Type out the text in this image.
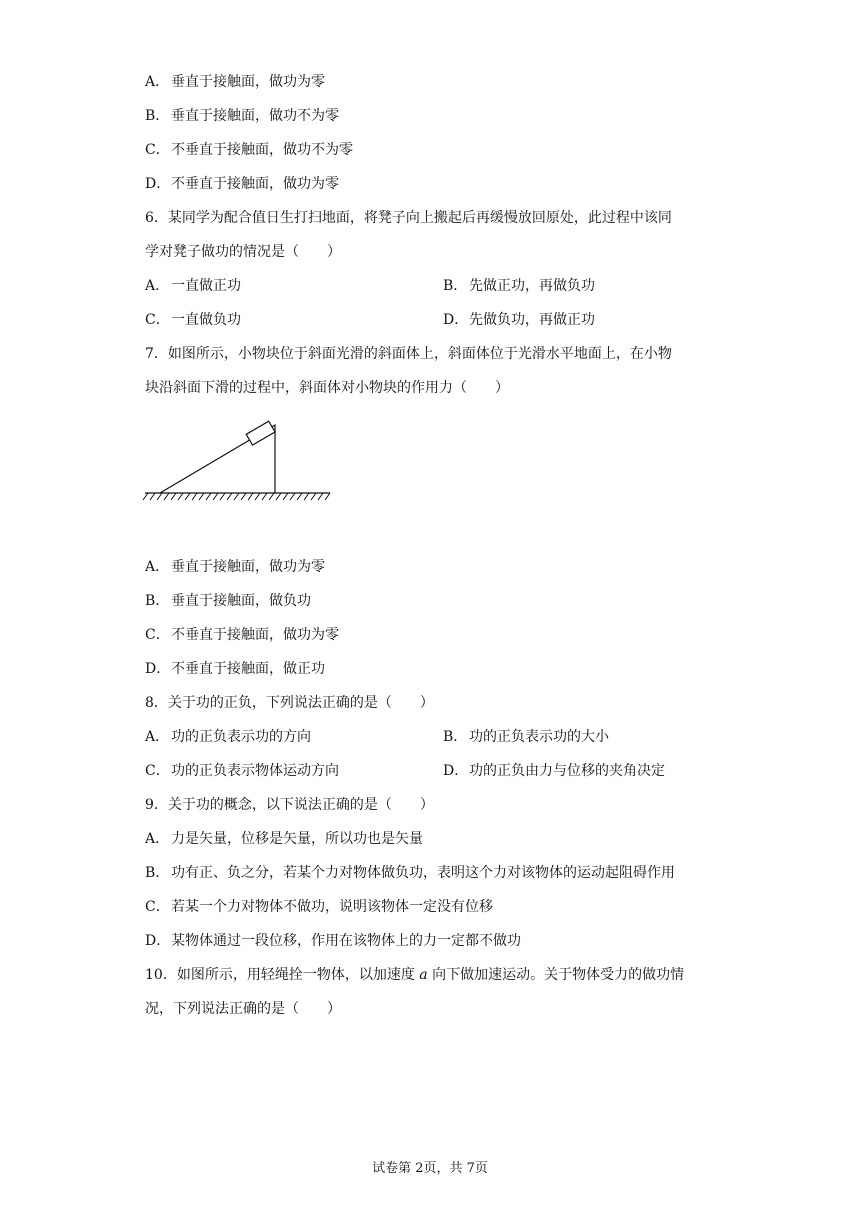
A． 垂直于接触面，做功为零
B． 垂直于接触面，做功不为零
C．不垂直于接触面，做功不为零
D．不垂直于接触面，做功为零
6．某同学为配合值日生打扫地面，将凳子向上搬起后再缓慢放回原处，此过程中该同
学对凳子做功的情况是（　　）
A． 一直做正功	B． 先做正功，再做负功
C．一直做负功	D．先做负功，再做正功
7．如图所示，小物块位于斜面光滑的斜面体上，斜面体位于光滑水平地面上，在小物
块沿斜面下滑的过程中，斜面体对小物块的作用力（　　）
A． 垂直于接触面，做功为零
B． 垂直于接触面，做负功
C．不垂直于接触面，做功为零
D．不垂直于接触面，做正功
8．关于功的正负，下列说法正确的是（　　）
A． 功的正负表示功的方向	B． 功的正负表示功的大小
C．功的正负表示物体运动方向	D．功的正负由力与位移的夹角决定
9．关于功的概念，以下说法正确的是（　　）
A． 力是矢量，位移是矢量，所以功也是矢量
B． 功有正、负之分，若某个力对物体做负功，表明这个力对该物体的运动起阻碍作用
C．若某一个力对物体不做功，说明该物体一定没有位移
D．某物体通过一段位移，作用在该物体上的力一定都不做功
10．如图所示，用轻绳拴一物体，以加速度 a 向下做加速运动。关于物体受力的做功情
况，下列说法正确的是（　　）
试卷第 2页，共 7页
